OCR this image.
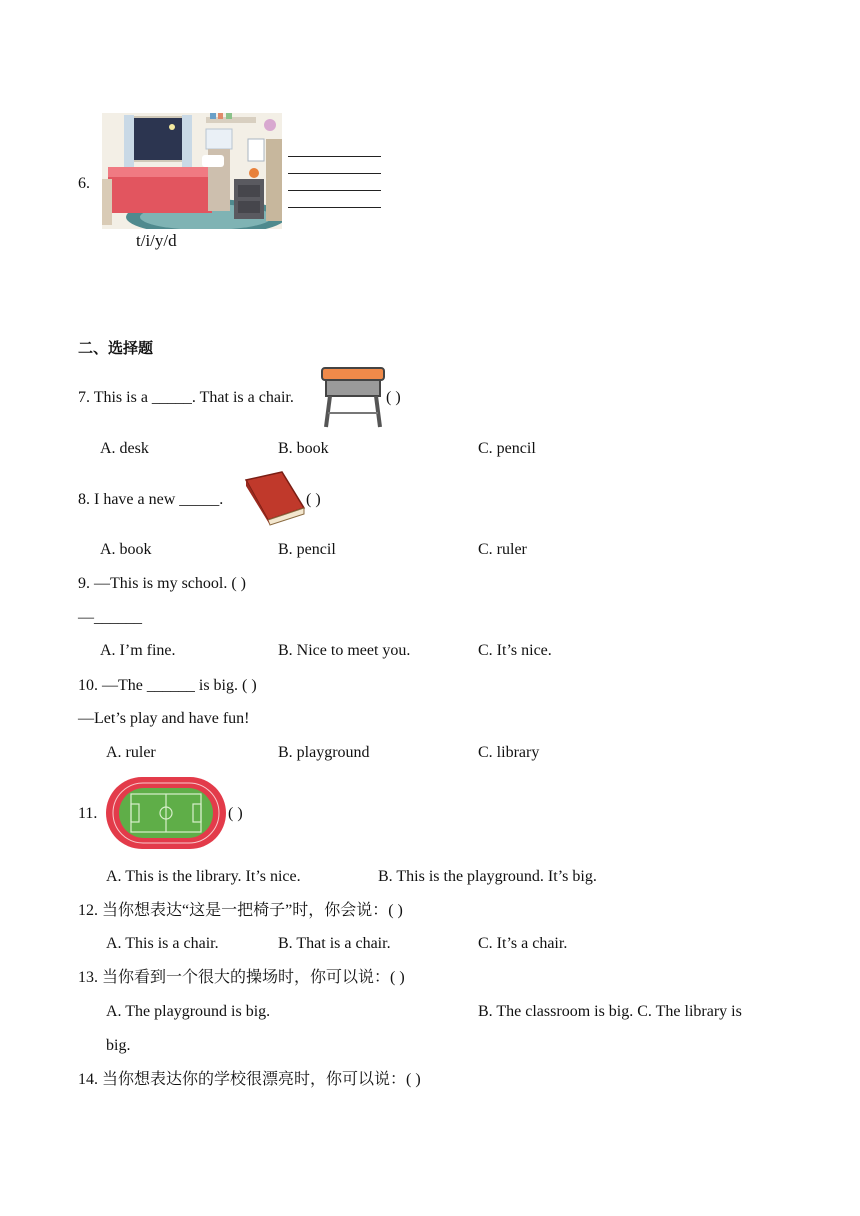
6.
t/i/y/d
二、选择题
7. This is a _____. That is a chair.	( )
A. desk	B. book	C. pencil
8. I have a new _____.	( )
A. book	B. pencil	C. ruler
9. —This is my school. ( )
—______
A. I’m fine.	B. Nice to meet you.	C. It’s nice.
10. —The ______ is big. ( )
—Let’s play and have fun!
A. ruler	B. playground	C. library
11.	( )
A. This is the library. It’s nice.	B. This is the playground. It’s big.
12. 当你想表达“这是一把椅子”时，你会说：( )
A. This is a chair.	B. That is a chair.	C. It’s a chair.
13. 当你看到一个很大的操场时，你可以说：( )
A. The playground is big.	B. The classroom is big. C. The library is
big.
14. 当你想表达你的学校很漂亮时，你可以说：( )
